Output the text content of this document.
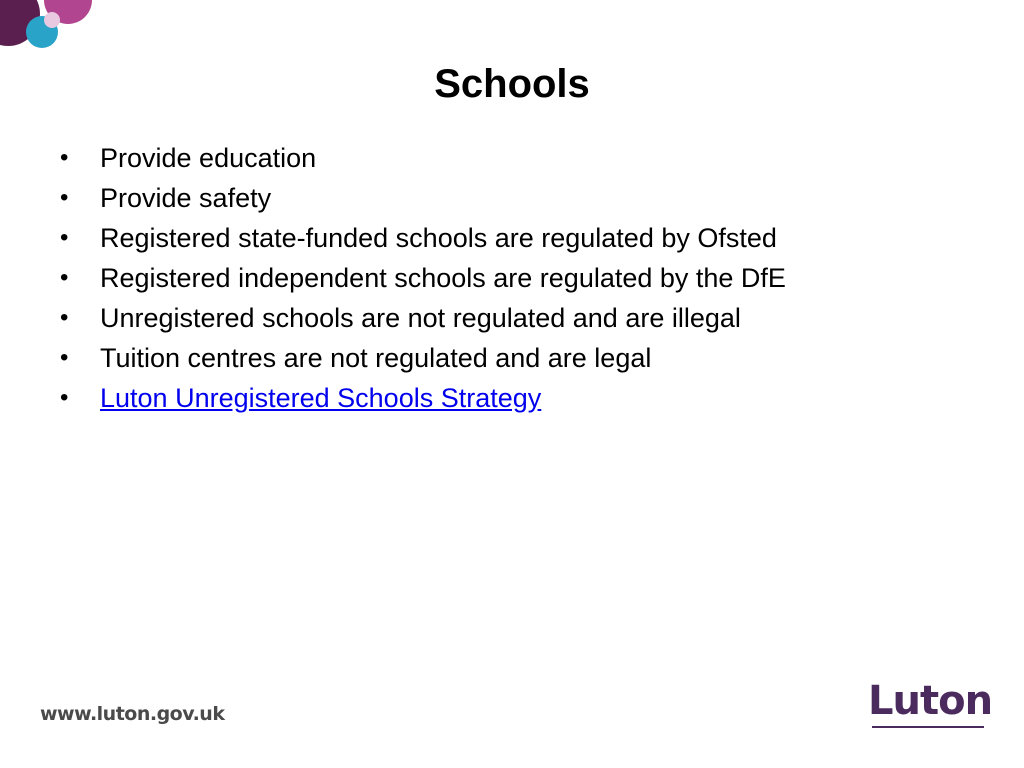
Schools
• Provide education
• Provide safety
• Registered state-funded schools are regulated by Ofsted
• Registered independent schools are regulated by the DfE
• Unregistered schools are not regulated and are illegal
• Tuition centres are not regulated and are legal
• Luton Unregistered Schools Strategy
www.luton.gov.uk	Luton
